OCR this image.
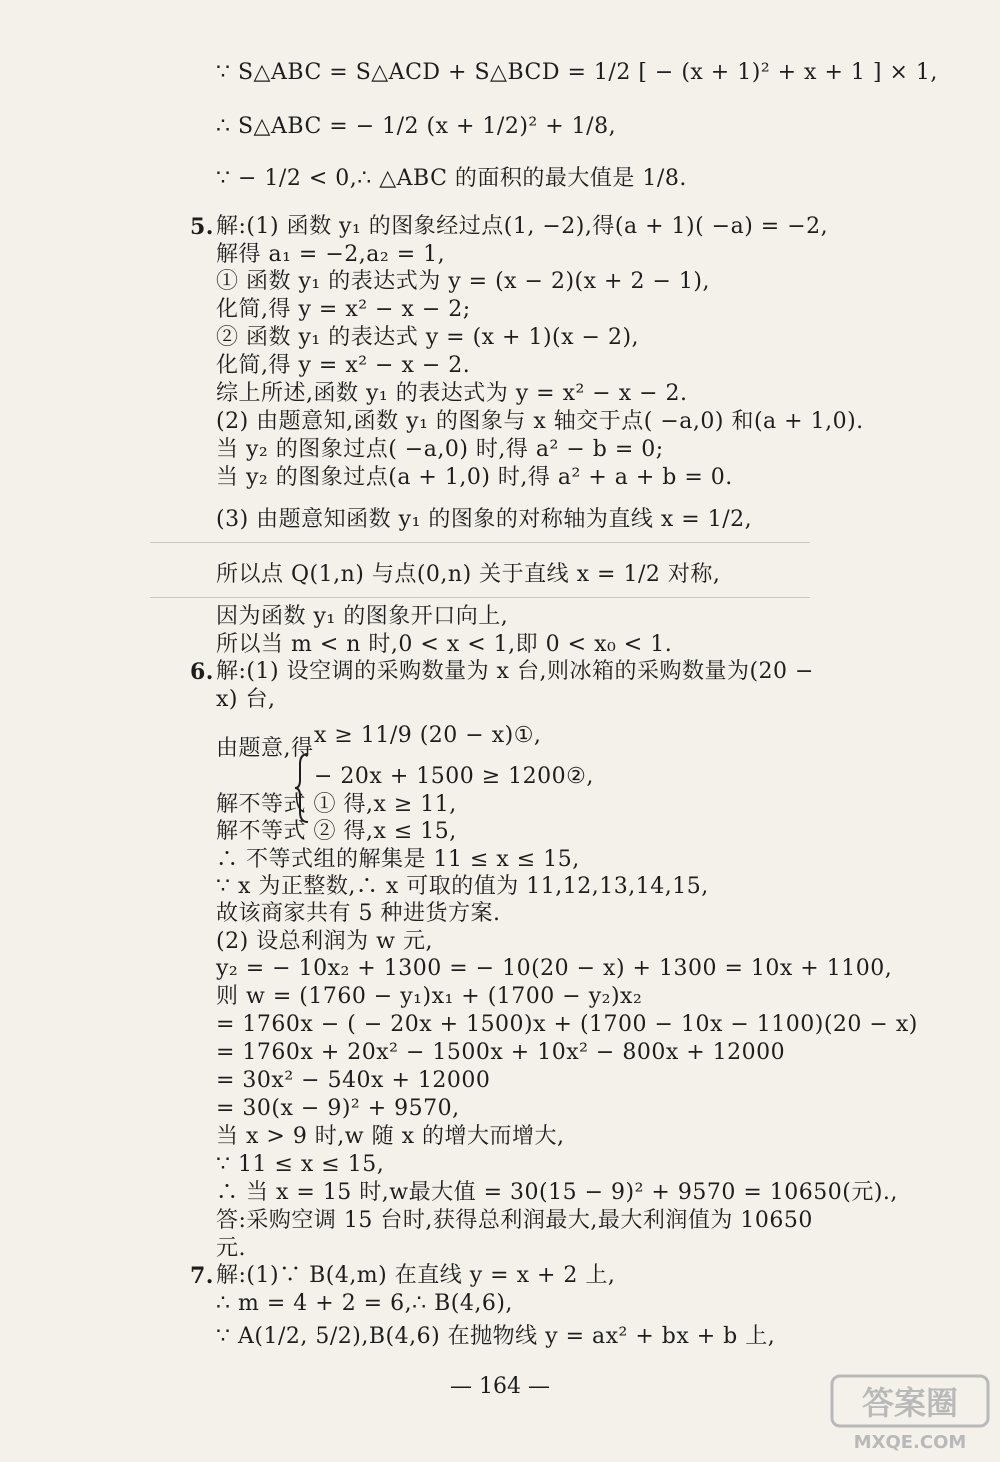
∵ S△ABC = S△ACD + S△BCD = 1/2 [ − (x + 1)² + x + 1 ] × 1,
∴ S△ABC = − 1/2 (x + 1/2)² + 1/8,
∵ − 1/2 < 0,∴ △ABC 的面积的最大值是 1/8.
5. 解:(1) 函数 y₁ 的图象经过点(1, −2),得(a + 1)( −a) = −2,
解得 a₁ = −2,a₂ = 1,
① 函数 y₁ 的表达式为 y = (x − 2)(x + 2 − 1),
化简,得 y = x² − x − 2;
② 函数 y₁ 的表达式 y = (x + 1)(x − 2),
化简,得 y = x² − x − 2.
综上所述,函数 y₁ 的表达式为 y = x² − x − 2.
(2) 由题意知,函数 y₁ 的图象与 x 轴交于点( −a,0) 和(a + 1,0).
当 y₂ 的图象过点( −a,0) 时,得 a² − b = 0;
当 y₂ 的图象过点(a + 1,0) 时,得 a² + a + b = 0.
(3) 由题意知函数 y₁ 的图象的对称轴为直线 x = 1/2,
所以点 Q(1,n) 与点(0,n) 关于直线 x = 1/2 对称,
因为函数 y₁ 的图象开口向上,
所以当 m < n 时,0 < x < 1,即 0 < x₀ < 1.
6. 解:(1) 设空调的采购数量为 x 台,则冰箱的采购数量为(20 −
x) 台,
由题意,得
x ≥ 11/9 (20 − x)①,
− 20x + 1500 ≥ 1200②,
解不等式 ① 得,x ≥ 11,
解不等式 ② 得,x ≤ 15,
∴ 不等式组的解集是 11 ≤ x ≤ 15,
∵ x 为正整数,∴ x 可取的值为 11,12,13,14,15,
故该商家共有 5 种进货方案.
(2) 设总利润为 w 元,
y₂ = − 10x₂ + 1300 = − 10(20 − x) + 1300 = 10x + 1100,
则 w = (1760 − y₁)x₁ + (1700 − y₂)x₂
= 1760x − ( − 20x + 1500)x + (1700 − 10x − 1100)(20 − x)
= 1760x + 20x² − 1500x + 10x² − 800x + 12000
= 30x² − 540x + 12000
= 30(x − 9)² + 9570,
当 x > 9 时,w 随 x 的增大而增大,
∵ 11 ≤ x ≤ 15,
∴ 当 x = 15 时,w最大值 = 30(15 − 9)² + 9570 = 10650(元).,
答:采购空调 15 台时,获得总利润最大,最大利润值为 10650
元.
7. 解:(1)∵ B(4,m) 在直线 y = x + 2 上,
∴ m = 4 + 2 = 6,∴ B(4,6),
∵ A(1/2, 5/2),B(4,6) 在抛物线 y = ax² + bx + b 上,
— 164 —	答案圈
MXQE.COM
